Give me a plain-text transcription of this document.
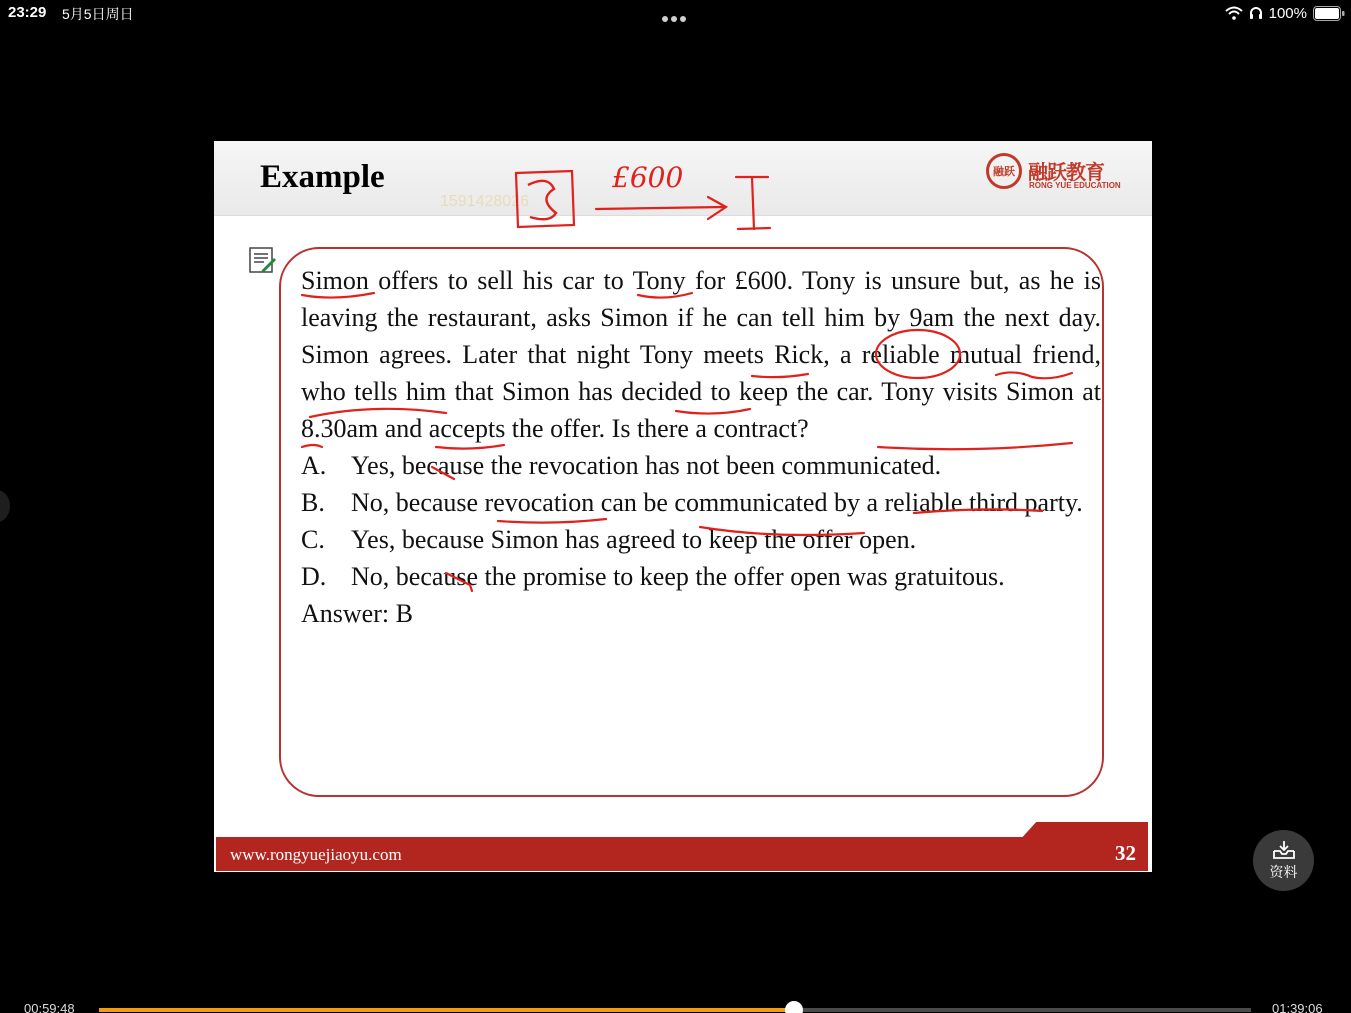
23:29 5月5日周日	100%
Example
1591428026
融跃 融跃教育
RONG YUE EDUCATION

Simon offers to sell his car to Tony for £600. Tony is unsure but, as he is leaving the restaurant, asks Simon if he can tell him by 9am the next day. Simon agrees. Later that night Tony meets Rick, a reliable mutual friend, who tells him that Simon has decided to keep the car. Tony visits Simon at 8.30am and accepts the offer. Is there a contract?

A. Yes, because the revocation has not been communicated.

B.	No, because revocation can be communicated by a reliable third party.

C.	Yes, because Simon has agreed to keep the offer open.

D. No, because the promise to keep the offer open was gratuitous.

Answer: B

£600
www.rongyuejiaoyu.com	32
资料
00:59:48	01:39:06
